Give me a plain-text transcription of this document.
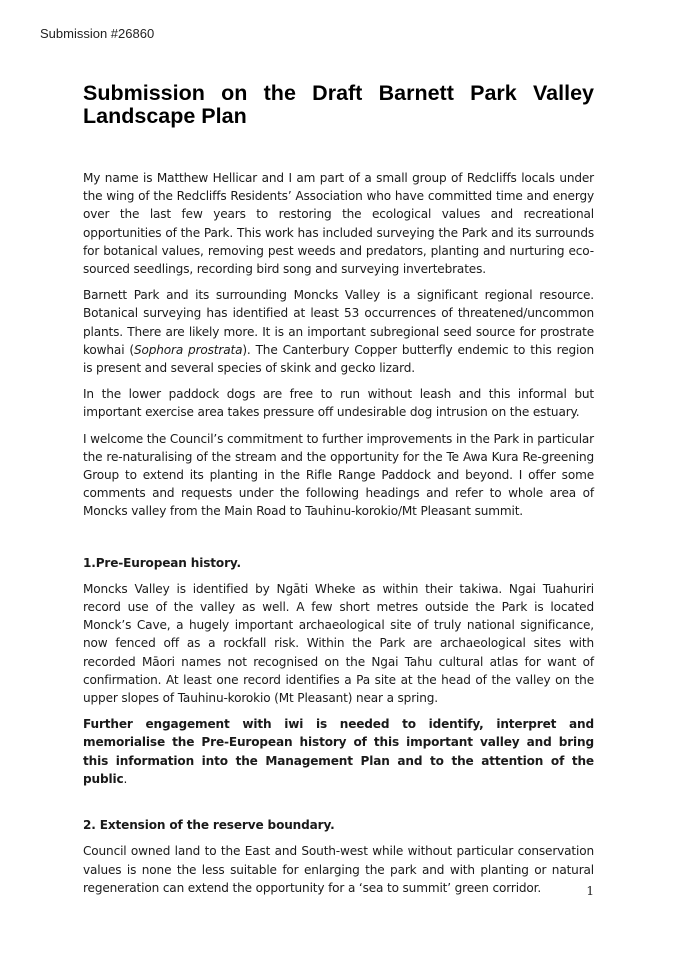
Submission #26860
Submission on the Draft Barnett Park Valley Landscape Plan

My name is Matthew Hellicar and I am part of a small group of Redcliffs locals under the wing of the Redcliffs Residents’ Association who have committed time and energy over the last few years to restoring the ecological values and recreational opportunities of the Park. This work has included surveying the Park and its surrounds for botanical values, removing pest weeds and predators, planting and nurturing eco-sourced seedlings, recording bird song and surveying invertebrates.

Barnett Park and its surrounding Moncks Valley is a significant regional resource. Botanical surveying has identified at least 53 occurrences of threatened/uncommon plants. There are likely more. It is an important subregional seed source for prostrate kowhai (Sophora prostrata). The Canterbury Copper butterfly endemic to this region is present and several species of skink and gecko lizard.

In the lower paddock dogs are free to run without leash and this informal but important exercise area takes pressure off undesirable dog intrusion on the estuary.

I welcome the Council’s commitment to further improvements in the Park in particular the re-naturalising of the stream and the opportunity for the Te Awa Kura Re-greening Group to extend its planting in the Rifle Range Paddock and beyond. I offer some comments and requests under the following headings and refer to whole area of Moncks valley from the Main Road to Tauhinu-korokio/Mt Pleasant summit.

1.Pre-European history.

Moncks Valley is identified by Ngāti Wheke as within their takiwa. Ngai Tuahuriri record use of the valley as well. A few short metres outside the Park is located Monck’s Cave, a hugely important archaeological site of truly national significance, now fenced off as a rockfall risk. Within the Park are archaeological sites with recorded Māori names not recognised on the Ngai Tahu cultural atlas for want of confirmation. At least one record identifies a Pa site at the head of the valley on the upper slopes of Tauhinu-korokio (Mt Pleasant) near a spring.

Further engagement with iwi is needed to identify, interpret and memorialise the Pre-European history of this important valley and bring this information into the Management Plan and to the attention of the public.

2. Extension of the reserve boundary.

Council owned land to the East and South-west while without particular conservation values is none the less suitable for enlarging the park and with planting or natural regeneration can extend the opportunity for a ‘sea to summit’ green corridor.	1
